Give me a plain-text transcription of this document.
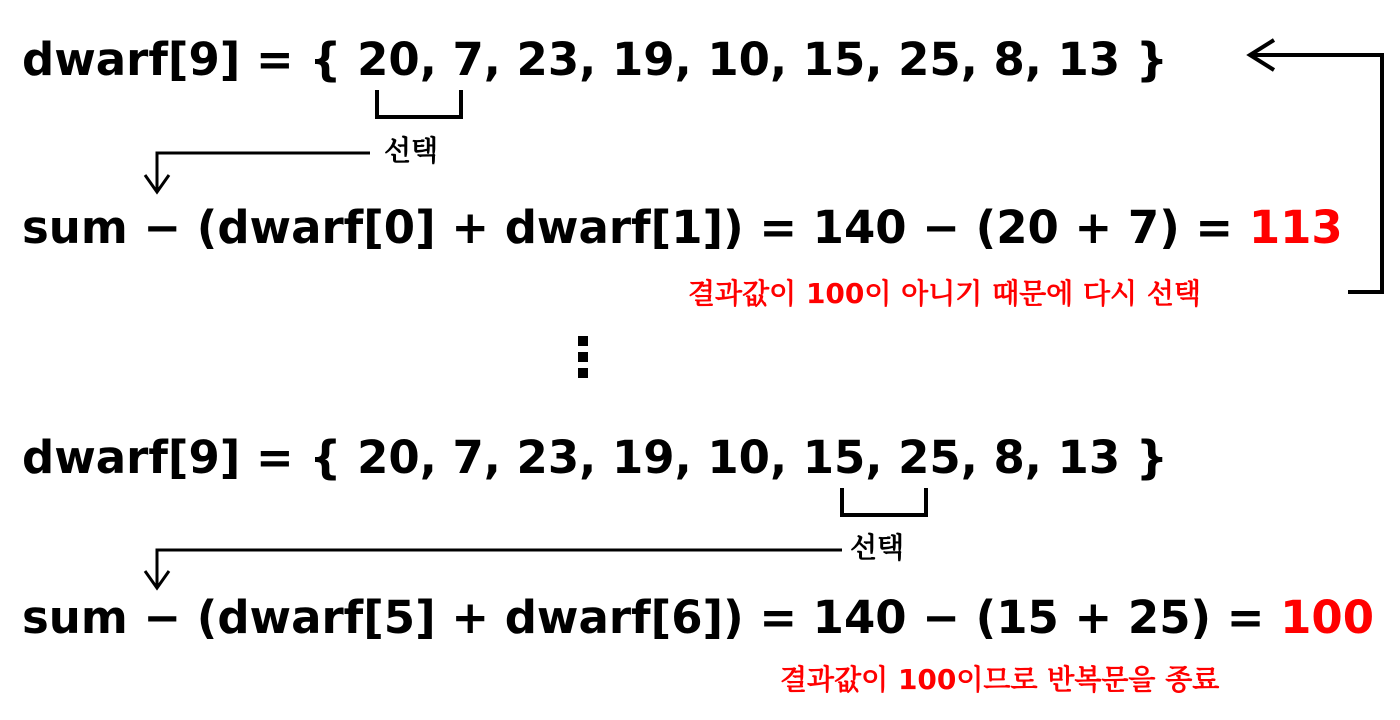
dwarf[9] = { 20, 7, 23, 19, 10, 15, 25, 8, 13 }
선택
sum − (dwarf[0] + dwarf[1]) = 140 − (20 + 7) = 113
결과값이 100이 아니기 때문에 다시 선택
dwarf[9] = { 20, 7, 23, 19, 10, 15, 25, 8, 13 }
선택
sum − (dwarf[5] + dwarf[6]) = 140 − (15 + 25) = 100
결과값이 100이므로 반복문을 종료
